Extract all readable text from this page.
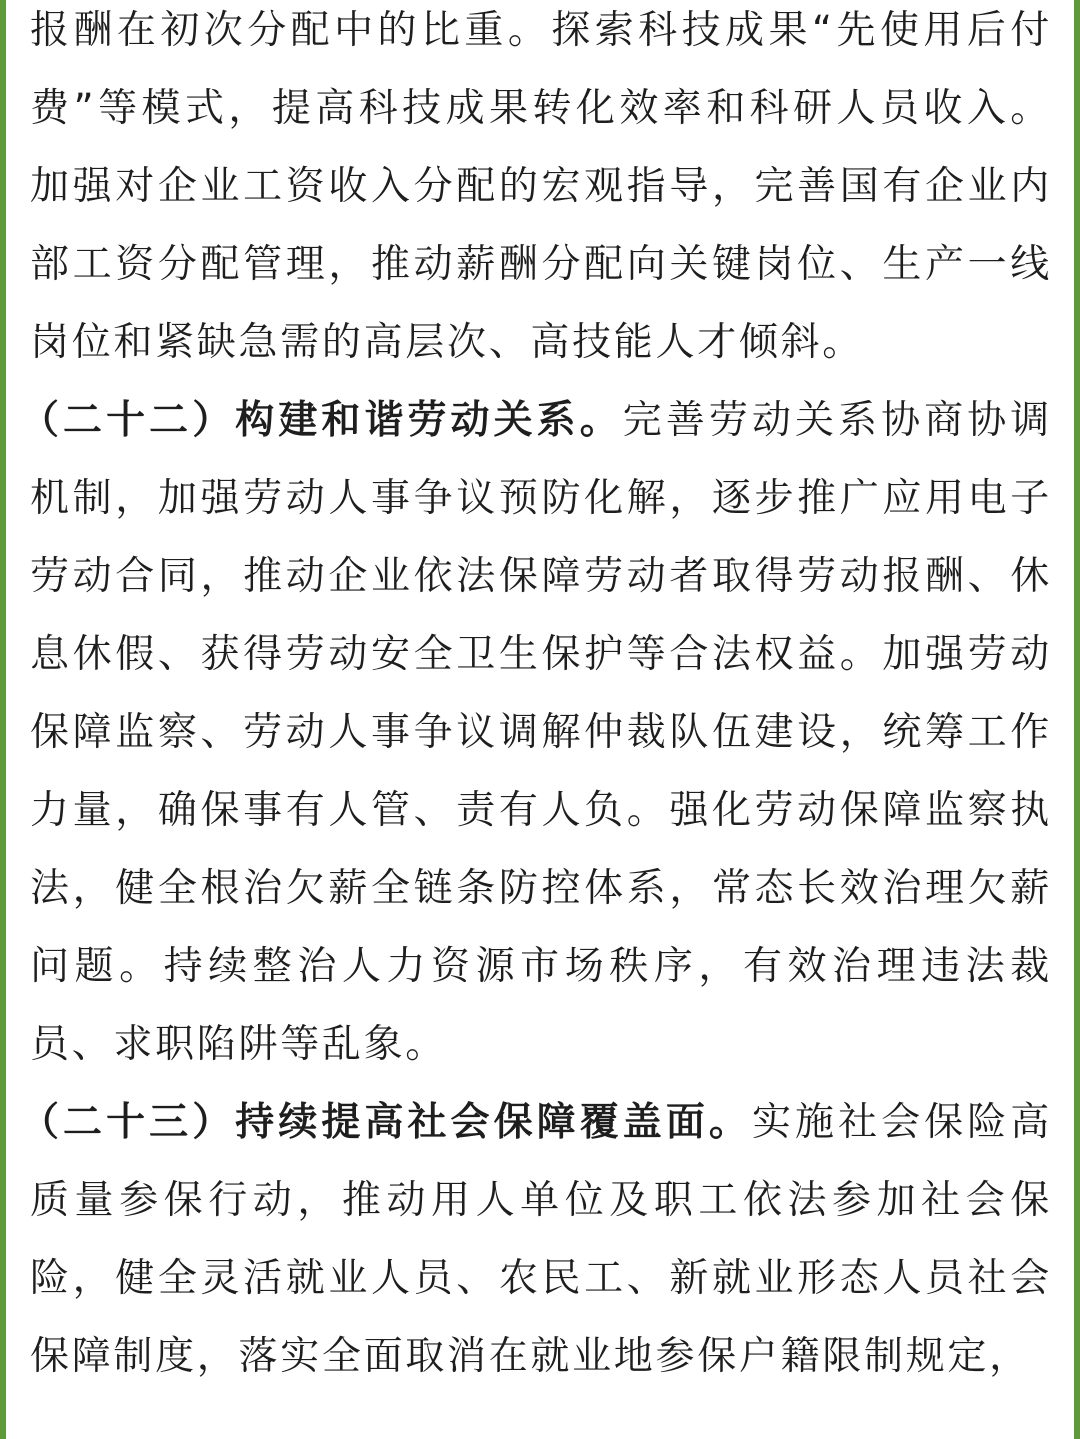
报酬在初次分配中的比重。探索科技成果“先使用后付费”等模式，提高科技成果转化效率和科研人员收入。加强对企业工资收入分配的宏观指导，完善国有企业内部工资分配管理，推动薪酬分配向关键岗位、生产一线岗位和紧缺急需的高层次、高技能人才倾斜。

（二十二）构建和谐劳动关系。完善劳动关系协商协调机制，加强劳动人事争议预防化解，逐步推广应用电子劳动合同，推动企业依法保障劳动者取得劳动报酬、休息休假、获得劳动安全卫生保护等合法权益。加强劳动保障监察、劳动人事争议调解仲裁队伍建设，统筹工作力量，确保事有人管、责有人负。强化劳动保障监察执法，健全根治欠薪全链条防控体系，常态长效治理欠薪问题。持续整治人力资源市场秩序，有效治理违法裁员、求职陷阱等乱象。

（二十三）持续提高社会保障覆盖面。实施社会保险高质量参保行动，推动用人单位及职工依法参加社会保险，健全灵活就业人员、农民工、新就业形态人员社会保障制度，落实全面取消在就业地参保户籍限制规定，
